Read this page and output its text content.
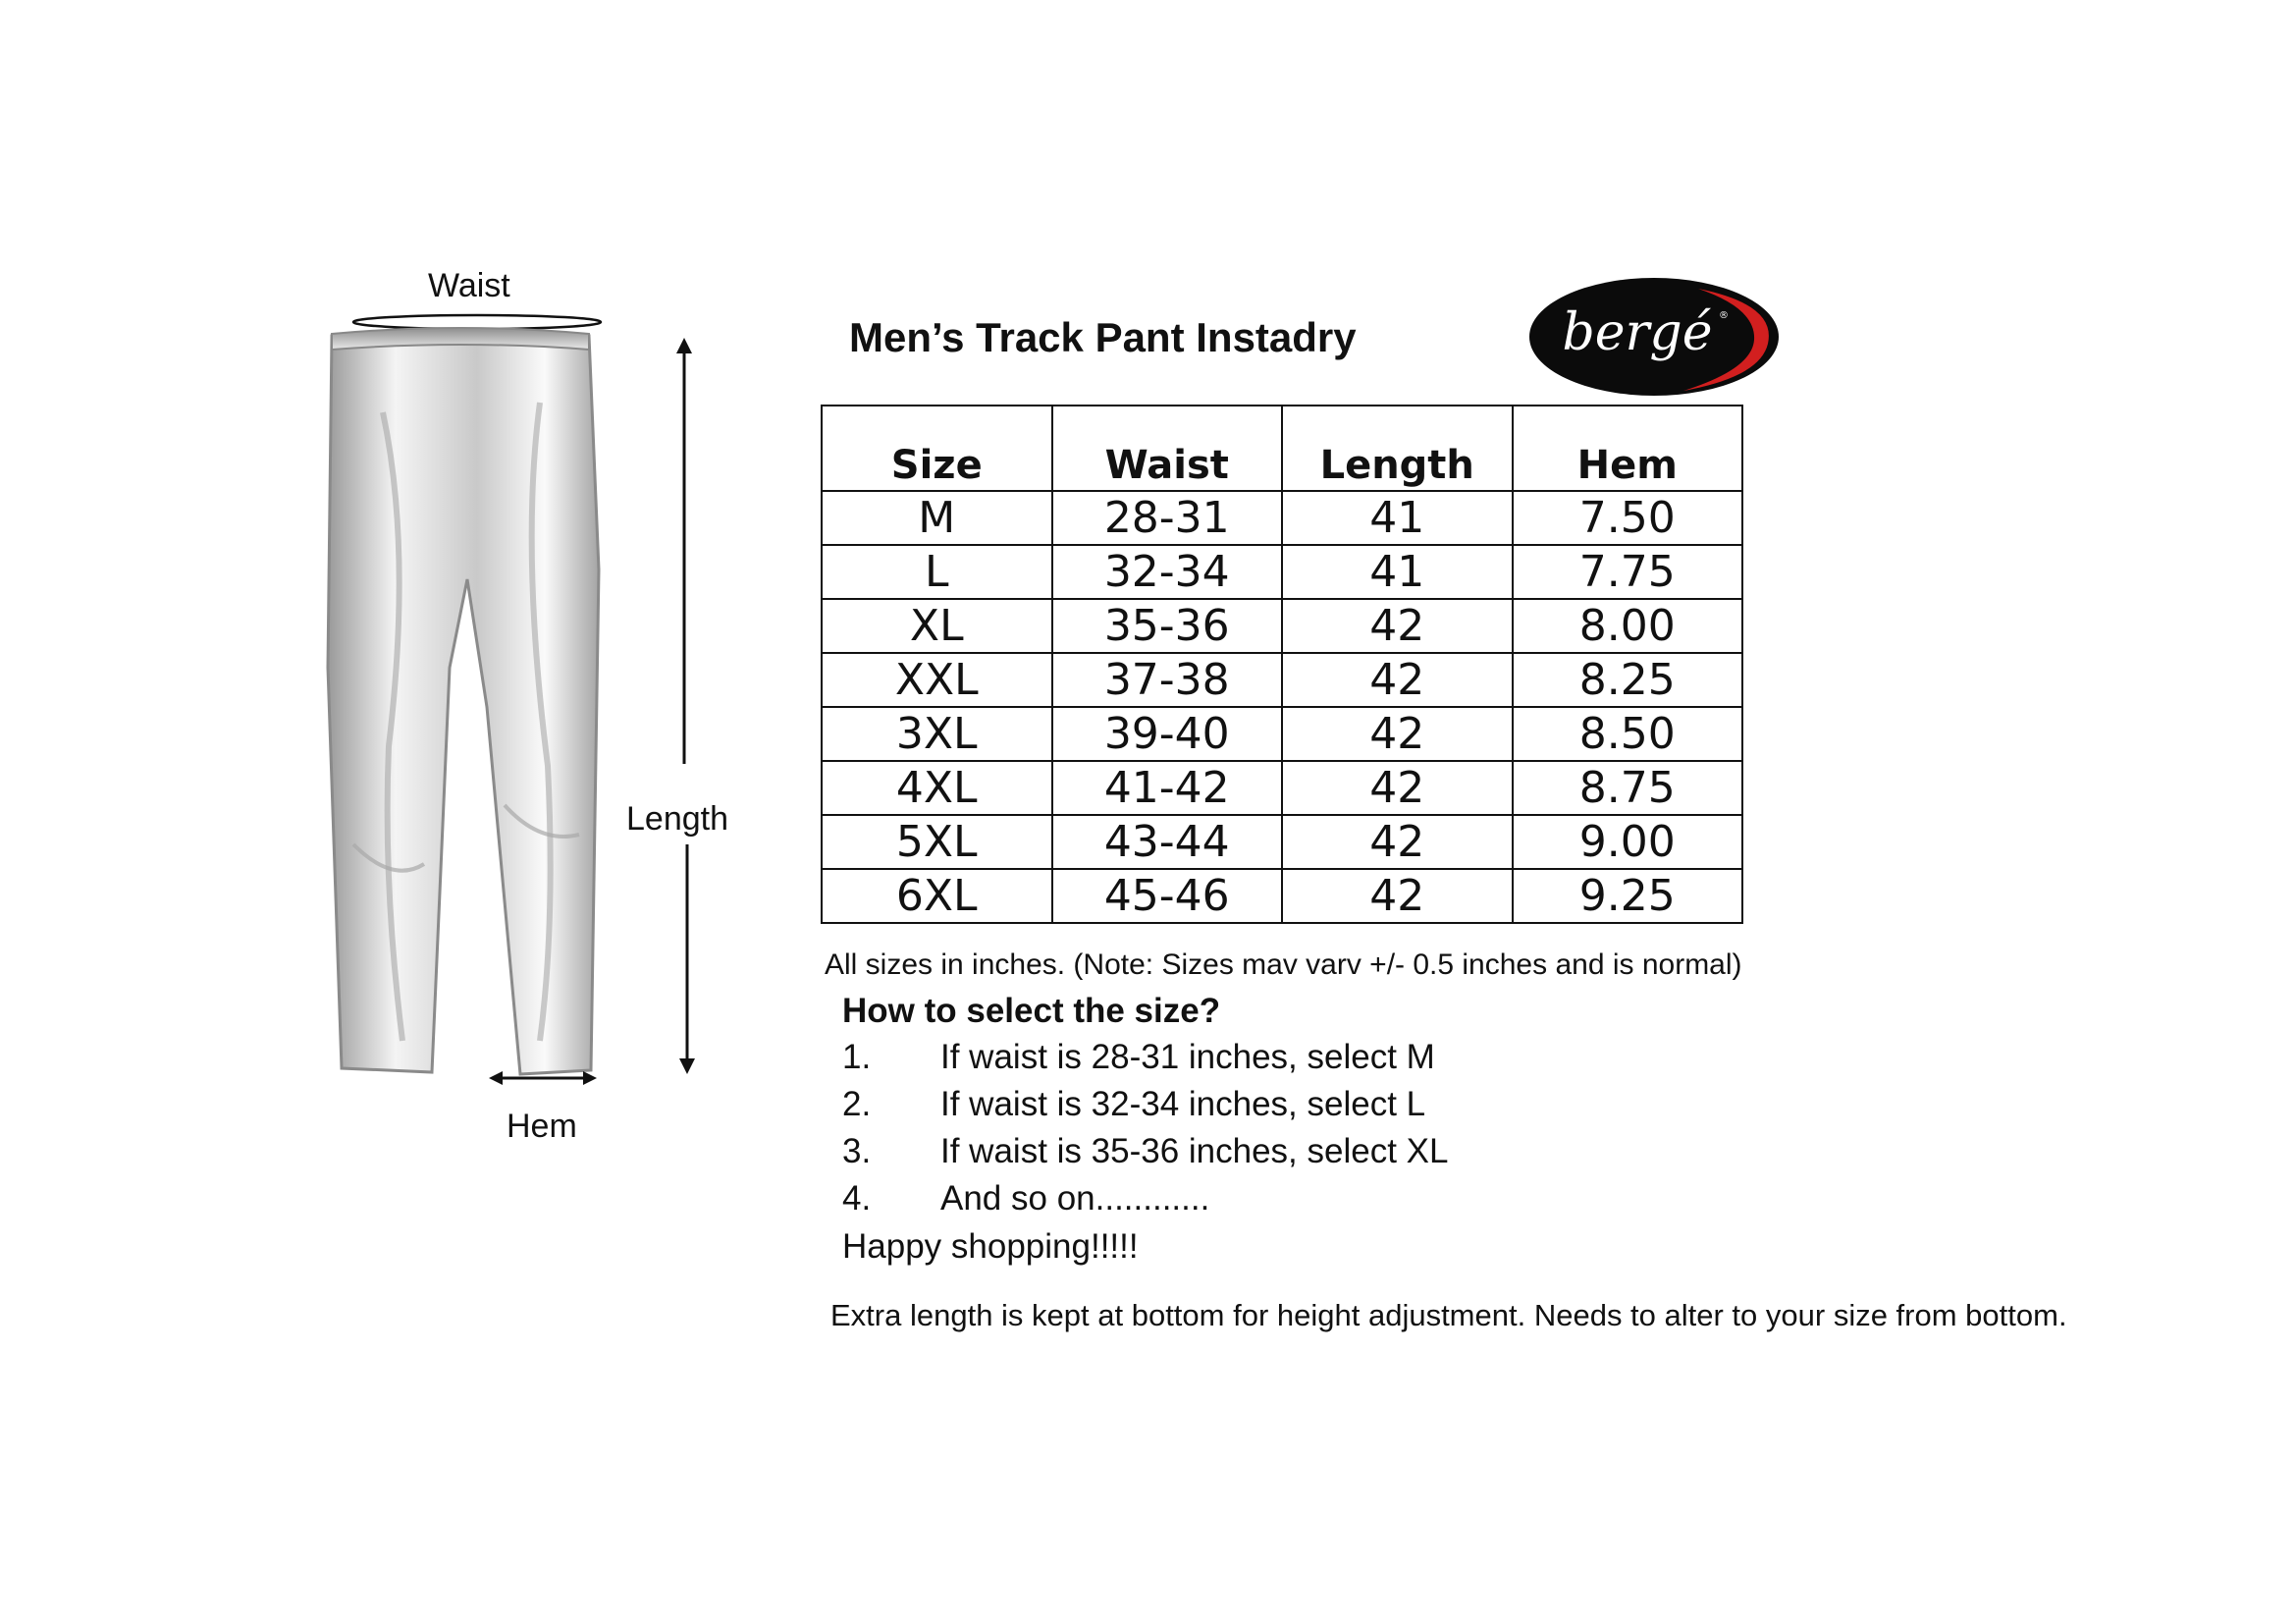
Waist
Length
Hem
Men’s Track Pant Instadry	bergé ®
Size	Waist	Length	Hem
M	28-31	41	7.50
L	32-34	41	7.75
XL	35-36	42	8.00
XXL	37-38	42	8.25
3XL	39-40	42	8.50
4XL	41-42	42	8.75
5XL	43-44	42	9.00
6XL	45-46	42	9.25
All sizes in inches. (Note: Sizes mav varv +/- 0.5 inches and is normal)
How to select the size?
1. If waist is 28-31 inches, select M
2. If waist is 32-34 inches, select L
3. If waist is 35-36 inches, select XL
4. And so on............
Happy shopping!!!!!
Extra length is kept at bottom for height adjustment. Needs to alter to your size from bottom.
